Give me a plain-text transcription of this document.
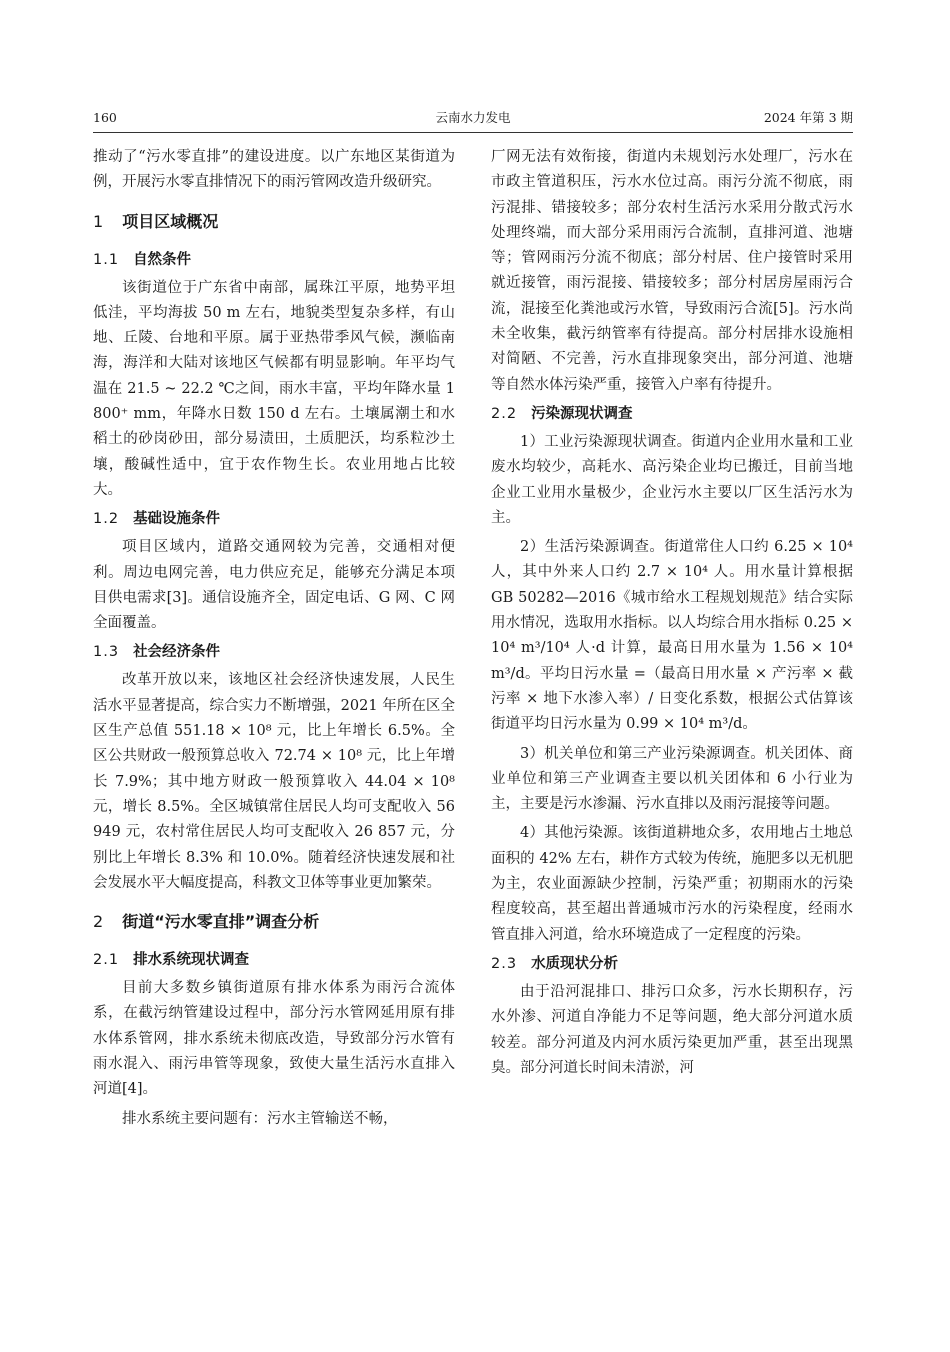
160	云南水力发电	2024 年第 3 期

推动了“污水零直排”的建设进度。以广东地区某街道为例，开展污水零直排情况下的雨污管网改造升级研究。

1 项目区域概况
1.1 自然条件

该街道位于广东省中南部，属珠江平原，地势平坦低洼，平均海拔 50 m 左右，地貌类型复杂多样，有山地、丘陵、台地和平原。属于亚热带季风气候，濒临南海，海洋和大陆对该地区气候都有明显影响。年平均气温在 21.5 ~ 22.2 ℃之间，雨水丰富，平均年降水量 1 800⁺ mm，年降水日数 150 d 左右。土壤属潮土和水稻土的砂岗砂田，部分易渍田，土质肥沃，均系粒沙土壤，酸碱性适中，宜于农作物生长。农业用地占比较大。

1.2 基础设施条件

项目区域内，道路交通网较为完善，交通相对便利。周边电网完善，电力供应充足，能够充分满足本项目供电需求[3]。通信设施齐全，固定电话、G 网、C 网全面覆盖。

1.3 社会经济条件

改革开放以来，该地区社会经济快速发展，人民生活水平显著提高，综合实力不断增强，2021 年所在区全区生产总值 551.18 × 10⁸ 元，比上年增长 6.5%。全区公共财政一般预算总收入 72.74 × 10⁸ 元，比上年增长 7.9%；其中地方财政一般预算收入 44.04 × 10⁸ 元，增长 8.5%。全区城镇常住居民人均可支配收入 56 949 元，农村常住居民人均可支配收入 26 857 元，分别比上年增长 8.3% 和 10.0%。随着经济快速发展和社会发展水平大幅度提高，科教文卫体等事业更加繁荣。

2 街道“污水零直排”调查分析
2.1 排水系统现状调查

目前大多数乡镇街道原有排水体系为雨污合流体系，在截污纳管建设过程中，部分污水管网延用原有排水体系管网，排水系统未彻底改造，导致部分污水管有雨水混入、雨污串管等现象，致使大量生活污水直排入河道[4]。

排水系统主要问题有：污水主管输送不畅，

厂网无法有效衔接，街道内未规划污水处理厂，污水在市政主管道积压，污水水位过高。雨污分流不彻底，雨污混排、错接较多；部分农村生活污水采用分散式污水处理终端，而大部分采用雨污合流制，直排河道、池塘等；管网雨污分流不彻底；部分村居、住户接管时采用就近接管，雨污混接、错接较多；部分村居房屋雨污合流，混接至化粪池或污水管，导致雨污合流[5]。污水尚未全收集，截污纳管率有待提高。部分村居排水设施相对简陋、不完善，污水直排现象突出，部分河道、池塘等自然水体污染严重，接管入户率有待提升。

2.2 污染源现状调查

1）工业污染源现状调查。街道内企业用水量和工业废水均较少，高耗水、高污染企业均已搬迁，目前当地企业工业用水量极少，企业污水主要以厂区生活污水为主。

2）生活污染源调查。街道常住人口约 6.25 × 10⁴ 人，其中外来人口约 2.7 × 10⁴ 人。用水量计算根据 GB 50282—2016《城市给水工程规划规范》结合实际用水情况，选取用水指标。以人均综合用水指标 0.25 × 10⁴ m³/10⁴ 人·d 计算，最高日用水量为 1.56 × 10⁴ m³/d。平均日污水量 =（最高日用水量 × 产污率 × 截污率 × 地下水渗入率）/ 日变化系数，根据公式估算该街道平均日污水量为 0.99 × 10⁴ m³/d。

3）机关单位和第三产业污染源调查。机关团体、商业单位和第三产业调查主要以机关团体和 6 小行业为主，主要是污水渗漏、污水直排以及雨污混接等问题。

4）其他污染源。该街道耕地众多，农用地占土地总面积的 42% 左右，耕作方式较为传统，施肥多以无机肥为主，农业面源缺少控制，污染严重；初期雨水的污染程度较高，甚至超出普通城市污水的污染程度，经雨水管直排入河道，给水环境造成了一定程度的污染。

2.3 水质现状分析

由于沿河混排口、排污口众多，污水长期积存，污水外渗、河道自净能力不足等问题，绝大部分河道水质较差。部分河道及内河水质污染更加严重，甚至出现黑臭。部分河道长时间未清淤，河
